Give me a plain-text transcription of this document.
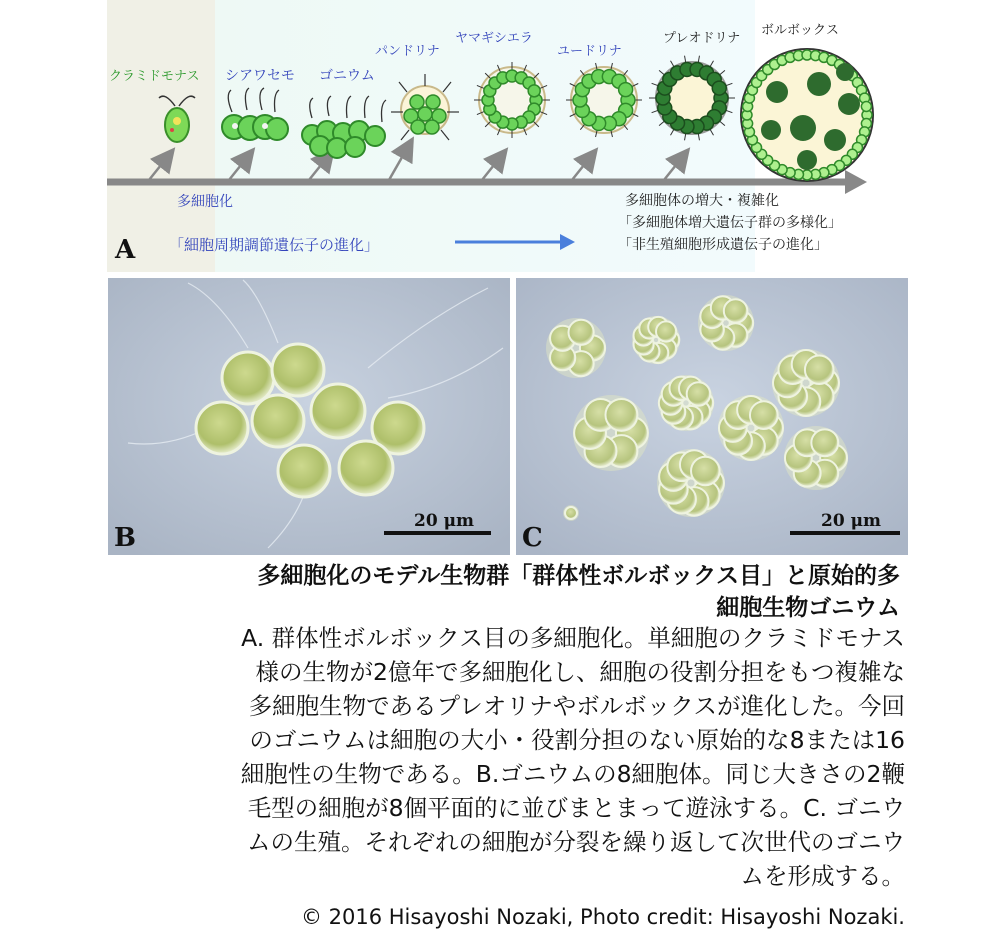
クラミドモナス シアワセモ ゴニウム
パンドリナ
ヤマギシエラ
ユードリナ
プレオドリナ
ボルボックス
多細胞化
「細胞周期調節遺伝子の進化」
多細胞体の増大・複雑化
「多細胞体増大遺伝子群の多様化」
「非生殖細胞形成遺伝子の進化」
A
20 μm
B
20 μm
C
多細胞化のモデル生物群「群体性ボルボックス目」と原始的多
細胞生物ゴニウム
A. 群体性ボルボックス目の多細胞化。単細胞のクラミドモナス
様の生物が2億年で多細胞化し、細胞の役割分担をもつ複雑な
多細胞生物であるプレオリナやボルボックスが進化した。今回
のゴニウムは細胞の大小・役割分担のない原始的な8または16
細胞性の生物である。B.ゴニウムの8細胞体。同じ大きさの2鞭
毛型の細胞が8個平面的に並びまとまって遊泳する。C. ゴニウ
ムの生殖。それぞれの細胞が分裂を繰り返して次世代のゴニウ
ムを形成する。
© 2016 Hisayoshi Nozaki, Photo credit: Hisayoshi Nozaki.
